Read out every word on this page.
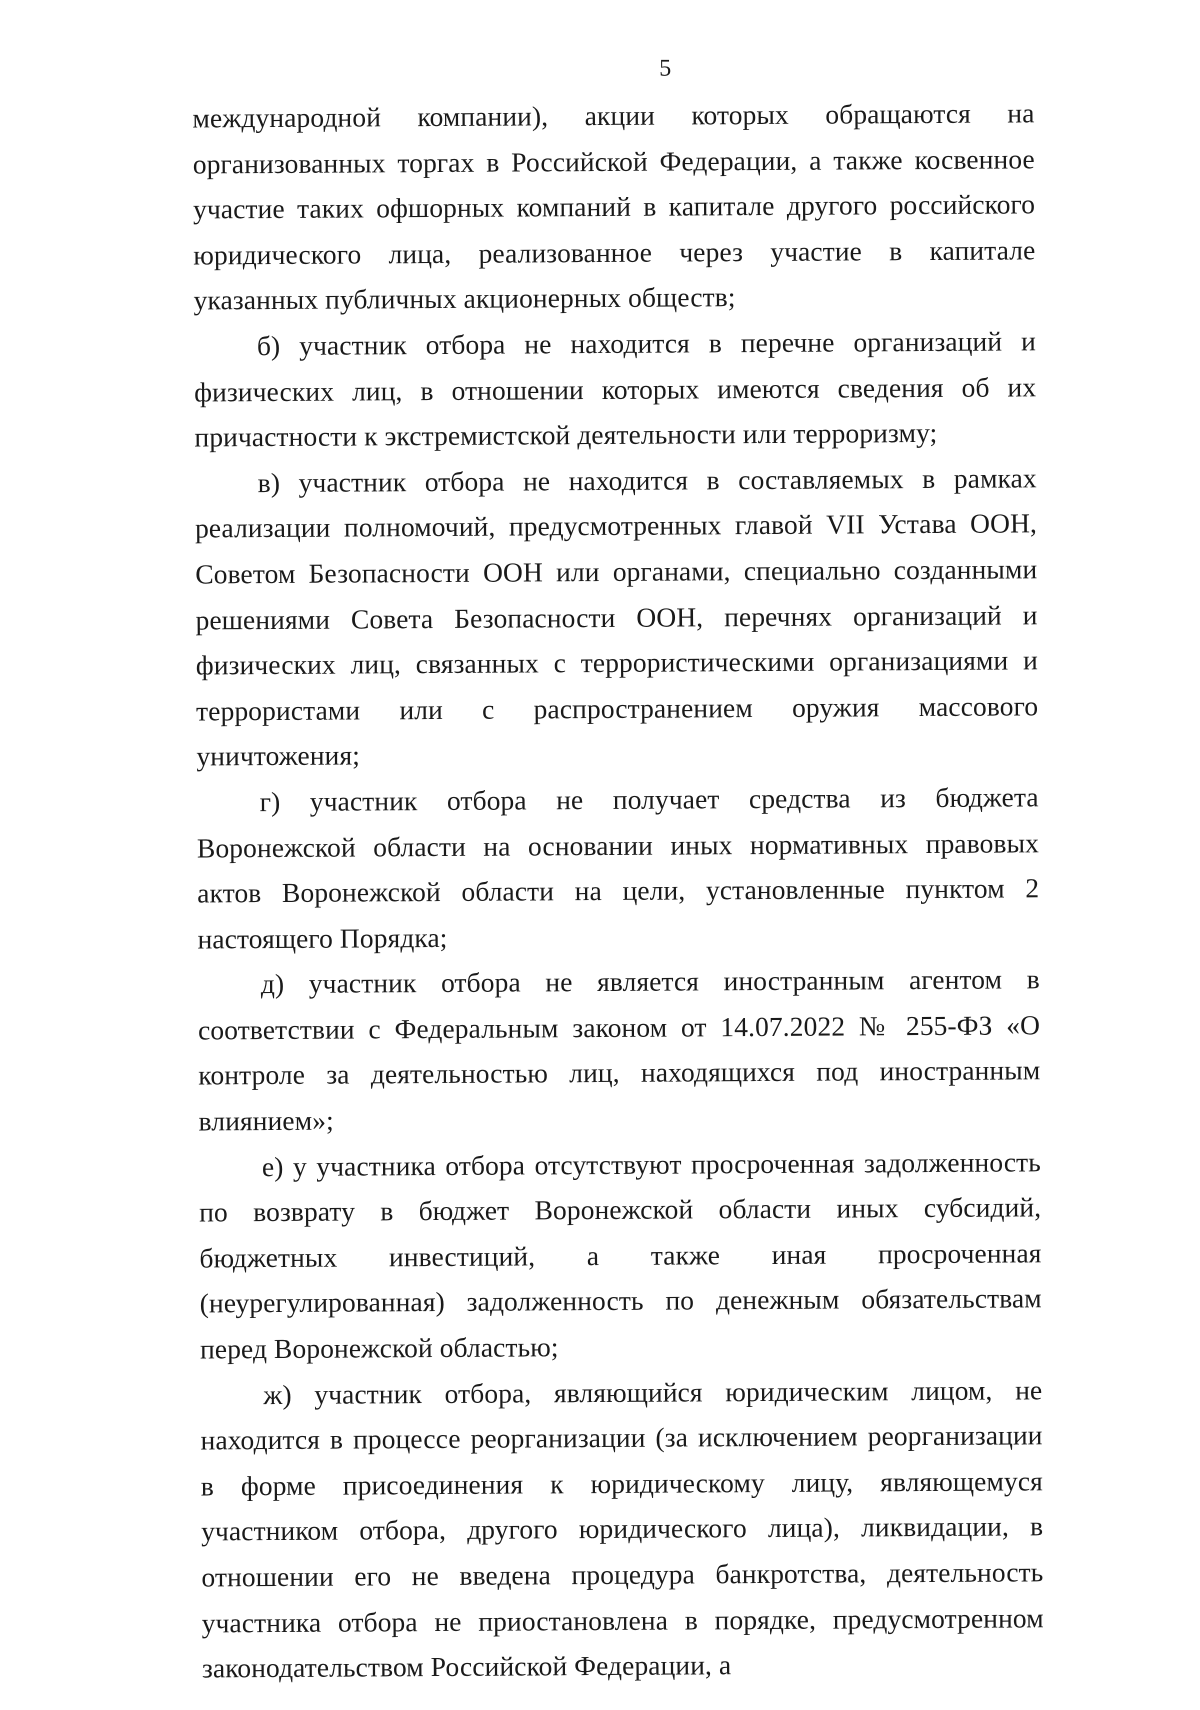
5

международной компании), акции которых обращаются на организованных торгах в Российской Федерации, а также косвенное участие таких офшорных компаний в капитале другого российского юридического лица, реализованное через участие в капитале указанных публичных акционерных обществ;

б) участник отбора не находится в перечне организаций и физических лиц, в отношении которых имеются сведения об их причастности к экстремистской деятельности или терроризму;

в) участник отбора не находится в составляемых в рамках реализации полномочий, предусмотренных главой VII Устава ООН, Советом Безопасности ООН или органами, специально созданными решениями Совета Безопасности ООН, перечнях организаций и физических лиц, связанных с террористическими организациями и террористами или с распространением оружия массового уничтожения;

г) участник отбора не получает средства из бюджета Воронежской области на основании иных нормативных правовых актов Воронежской области на цели, установленные пунктом 2 настоящего Порядка;

д) участник отбора не является иностранным агентом в соответствии с Федеральным законом от 14.07.2022 № 255-ФЗ «О контроле за деятельностью лиц, находящихся под иностранным влиянием»;

е) у участника отбора отсутствуют просроченная задолженность по возврату в бюджет Воронежской области иных субсидий, бюджетных инвестиций, а также иная просроченная (неурегулированная) задолженность по денежным обязательствам перед Воронежской областью;

ж) участник отбора, являющийся юридическим лицом, не находится в процессе реорганизации (за исключением реорганизации в форме присоединения к юридическому лицу, являющемуся участником отбора, другого юридического лица), ликвидации, в отношении его не введена процедура банкротства, деятельность участника отбора не приостановлена в порядке, предусмотренном законодательством Российской Федерации, а
